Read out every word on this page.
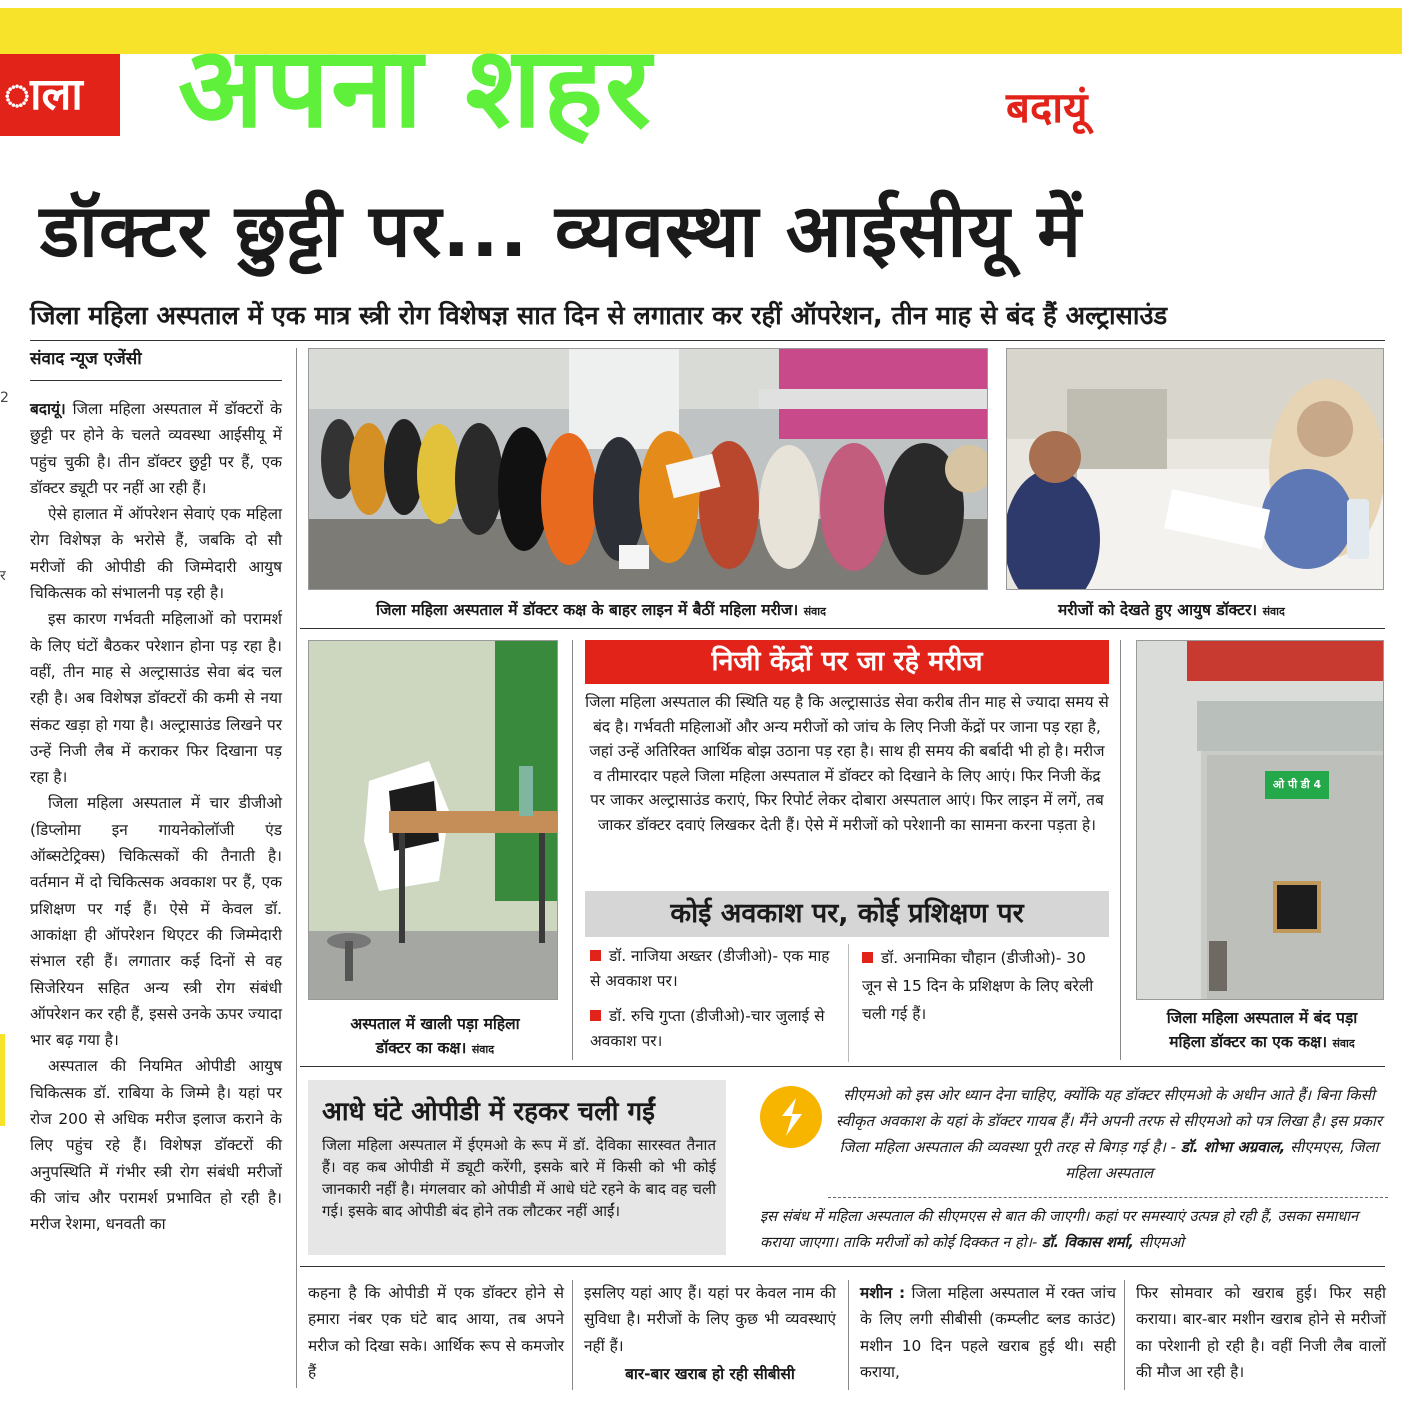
ाला अपना शहर	बदायूं
डॉक्टर छुट्टी पर... व्यवस्था आईसीयू में
जिला महिला अस्पताल में एक मात्र स्त्री रोग विशेषज्ञ सात दिन से लगातार कर रहीं ऑपरेशन, तीन माह से बंद हैं अल्ट्रासाउंड
संवाद न्यूज एजेंसी
2
र

बदायूं। जिला महिला अस्पताल में डॉक्टरों के छुट्टी पर होने के चलते व्यवस्था आईसीयू में पहुंच चुकी है। तीन डॉक्टर छुट्टी पर हैं, एक डॉक्टर ड्यूटी पर नहीं आ रही हैं।

ऐसे हालात में ऑपरेशन सेवाएं एक महिला रोग विशेषज्ञ के भरोसे हैं, जबकि दो सौ मरीजों की ओपीडी की जिम्मेदारी आयुष चिकित्सक को संभालनी पड़ रही है।

इस कारण गर्भवती महिलाओं को परामर्श के लिए घंटों बैठकर परेशान होना पड़ रहा है। वहीं, तीन माह से अल्ट्रासाउंड सेवा बंद चल रही है। अब विशेषज्ञ डॉक्टरों की कमी से नया संकट खड़ा हो गया है। अल्ट्रासाउंड लिखने पर उन्हें निजी लैब में कराकर फिर दिखाना पड़ रहा है।

जिला महिला अस्पताल में चार डीजीओ (डिप्लोमा इन गायनेकोलॉजी एंड ऑब्सटेट्रिक्स) चिकित्सकों की तैनाती है। वर्तमान में दो चिकित्सक अवकाश पर हैं, एक प्रशिक्षण पर गई हैं। ऐसे में केवल डॉ. आकांक्षा ही ऑपरेशन थिएटर की जिम्मेदारी संभाल रही हैं। लगातार कई दिनों से वह सिजेरियन सहित अन्य स्त्री रोग संबंधी ऑपरेशन कर रही हैं, इससे उनके ऊपर ज्यादा भार बढ़ गया है।

अस्पताल की नियमित ओपीडी आयुष चिकित्सक डॉ. राबिया के जिम्मे है। यहां पर रोज 200 से अधिक मरीज इलाज कराने के लिए पहुंच रहे हैं। विशेषज्ञ डॉक्टरों की अनुपस्थिति में गंभीर स्त्री रोग संबंधी मरीजों की जांच और परामर्श प्रभावित हो रही है। मरीज रेशमा, धनवती का

जिला महिला अस्पताल में डॉक्टर कक्ष के बाहर लाइन में बैठीं महिला मरीज। संवाद	मरीजों को देखते हुए आयुष डॉक्टर। संवाद
अस्पताल में खाली पड़ा महिला
डॉक्टर का कक्ष। संवाद
निजी केंद्रों पर जा रहे मरीज
जिला महिला अस्पताल की स्थिति यह है कि अल्ट्रासाउंड सेवा करीब तीन माह से ज्यादा समय से बंद है। गर्भवती महिलाओं और अन्य मरीजों को जांच के लिए निजी केंद्रों पर जाना पड़ रहा है, जहां उन्हें अतिरिक्त आर्थिक बोझ उठाना पड़ रहा है। साथ ही समय की बर्बादी भी हो है। मरीज व तीमारदार पहले जिला महिला अस्पताल में डॉक्टर को दिखाने के लिए आएं। फिर निजी केंद्र पर जाकर अल्ट्रासाउंड कराएं, फिर रिपोर्ट लेकर दोबारा अस्पताल आएं। फिर लाइन में लगें, तब जाकर डॉक्टर दवाएं लिखकर देती हैं। ऐसे में मरीजों को परेशानी का सामना करना पड़ता हे।
कोई अवकाश पर, कोई प्रशिक्षण पर
डॉ. नाजिया अख्तर (डीजीओ)- एक माह से अवकाश पर।
डॉ. रुचि गुप्ता (डीजीओ)-चार जुलाई से अवकाश पर।
डॉ. अनामिका चौहान (डीजीओ)- 30 जून से 15 दिन के प्रशिक्षण के लिए बरेली चली गई हैं।
ओ पी डी 4
जिला महिला अस्पताल में बंद पड़ा
महिला डॉक्टर का एक कक्ष। संवाद
आधे घंटे ओपीडी में रहकर चली गईं
जिला महिला अस्पताल में ईएमओ के रूप में डॉ. देविका सारस्वत तैनात हैं। वह कब ओपीडी में ड्यूटी करेंगी, इसके बारे में किसी को भी कोई जानकारी नहीं है। मंगलवार को ओपीडी में आधे घंटे रहने के बाद वह चली गई। इसके बाद ओपीडी बंद होने तक लौटकर नहीं आईं।
सीएमओ को इस ओर ध्यान देना चाहिए, क्योंकि यह डॉक्टर सीएमओ के अधीन आते हैं। बिना किसी स्वीकृत अवकाश के यहां के डॉक्टर गायब हैं। मैंने अपनी तरफ से सीएमओ को पत्र लिखा है। इस प्रकार जिला महिला अस्पताल की व्यवस्था पूरी तरह से बिगड़ गई है। - डॉ. शोभा अग्रवाल, सीएमएस, जिला महिला अस्पताल
इस संबंध में महिला अस्पताल की सीएमएस से बात की जाएगी। कहां पर समस्याएं उत्पन्न हो रही हैं, उसका समाधान कराया जाएगा। ताकि मरीजों को कोई दिक्कत न हो।- डॉ. विकास शर्मा, सीएमओ
कहना है कि ओपीडी में एक डॉक्टर होने से हमारा नंबर एक घंटे बाद आया, तब अपने मरीज को दिखा सके। आर्थिक रूप से कमजोर हैं
इसलिए यहां आए हैं। यहां पर केवल नाम की सुविधा है। मरीजों के लिए कुछ भी व्यवस्थाएं नहीं हैं।
बार-बार खराब हो रही सीबीसी
मशीन : जिला महिला अस्पताल में रक्त जांच के लिए लगी सीबीसी (कम्प्लीट ब्लड काउंट) मशीन 10 दिन पहले खराब हुई थी। सही कराया,
फिर सोमवार को खराब हुई। फिर सही कराया। बार-बार मशीन खराब होने से मरीजों का परेशानी हो रही है। वहीं निजी लैब वालों की मौज आ रही है।
